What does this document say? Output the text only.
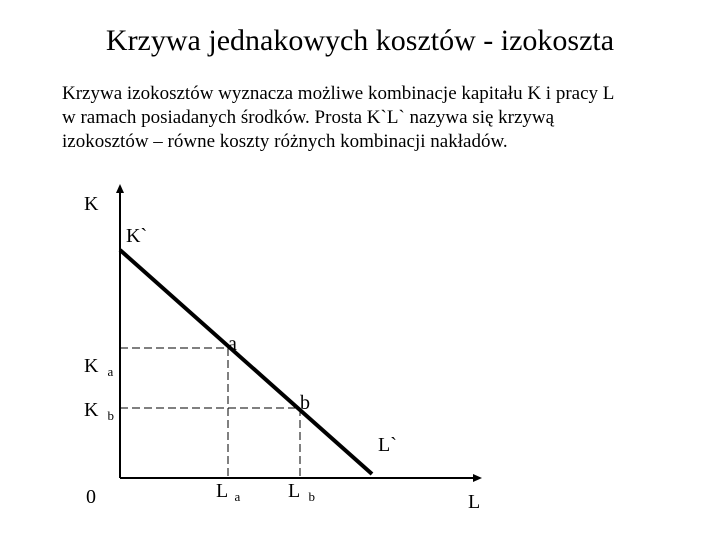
Krzywa jednakowych kosztów - izokoszta
Krzywa izokosztów wyznacza możliwe kombinacje kapitału K i pracy L
w ramach posiadanych środków. Prosta K`L` nazywa się krzywą
izokosztów – równe koszty różnych kombinacji nakładów.
K
K`
a
b
L`
K $_a$
K $_b$
0	L $_a$ L $_b$	L
